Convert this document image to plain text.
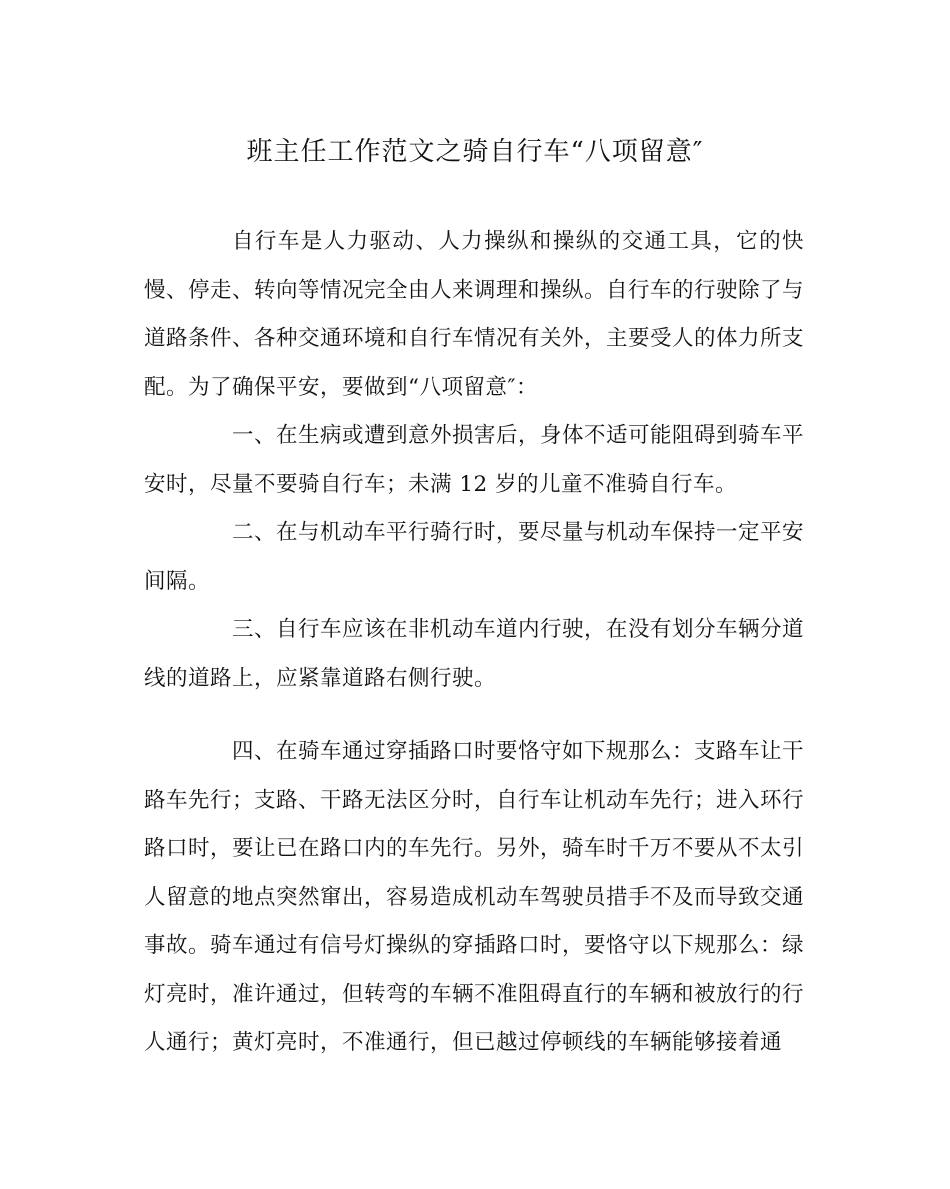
班主任工作范文之骑自行车“八项留意″

自行车是人力驱动、人力操纵和操纵的交通工具，它的快慢、停走、转向等情况完全由人来调理和操纵。自行车的行驶除了与道路条件、各种交通环境和自行车情况有关外，主要受人的体力所支配。为了确保平安，要做到“八项留意″：

一、在生病或遭到意外损害后，身体不适可能阻碍到骑车平安时，尽量不要骑自行车；未满 12 岁的儿童不准骑自行车。

二、在与机动车平行骑行时，要尽量与机动车保持一定平安间隔。

三、自行车应该在非机动车道内行驶，在没有划分车辆分道线的道路上，应紧靠道路右侧行驶。

四、在骑车通过穿插路口时要恪守如下规那么：支路车让干路车先行；支路、干路无法区分时，自行车让机动车先行；进入环行路口时，要让已在路口内的车先行。另外，骑车时千万不要从不太引人留意的地点突然窜出，容易造成机动车驾驶员措手不及而导致交通事故。骑车通过有信号灯操纵的穿插路口时，要恪守以下规那么：绿灯亮时，准许通过，但转弯的车辆不准阻碍直行的车辆和被放行的行人通行；黄灯亮时，不准通行，但已越过停顿线的车辆能够接着通
